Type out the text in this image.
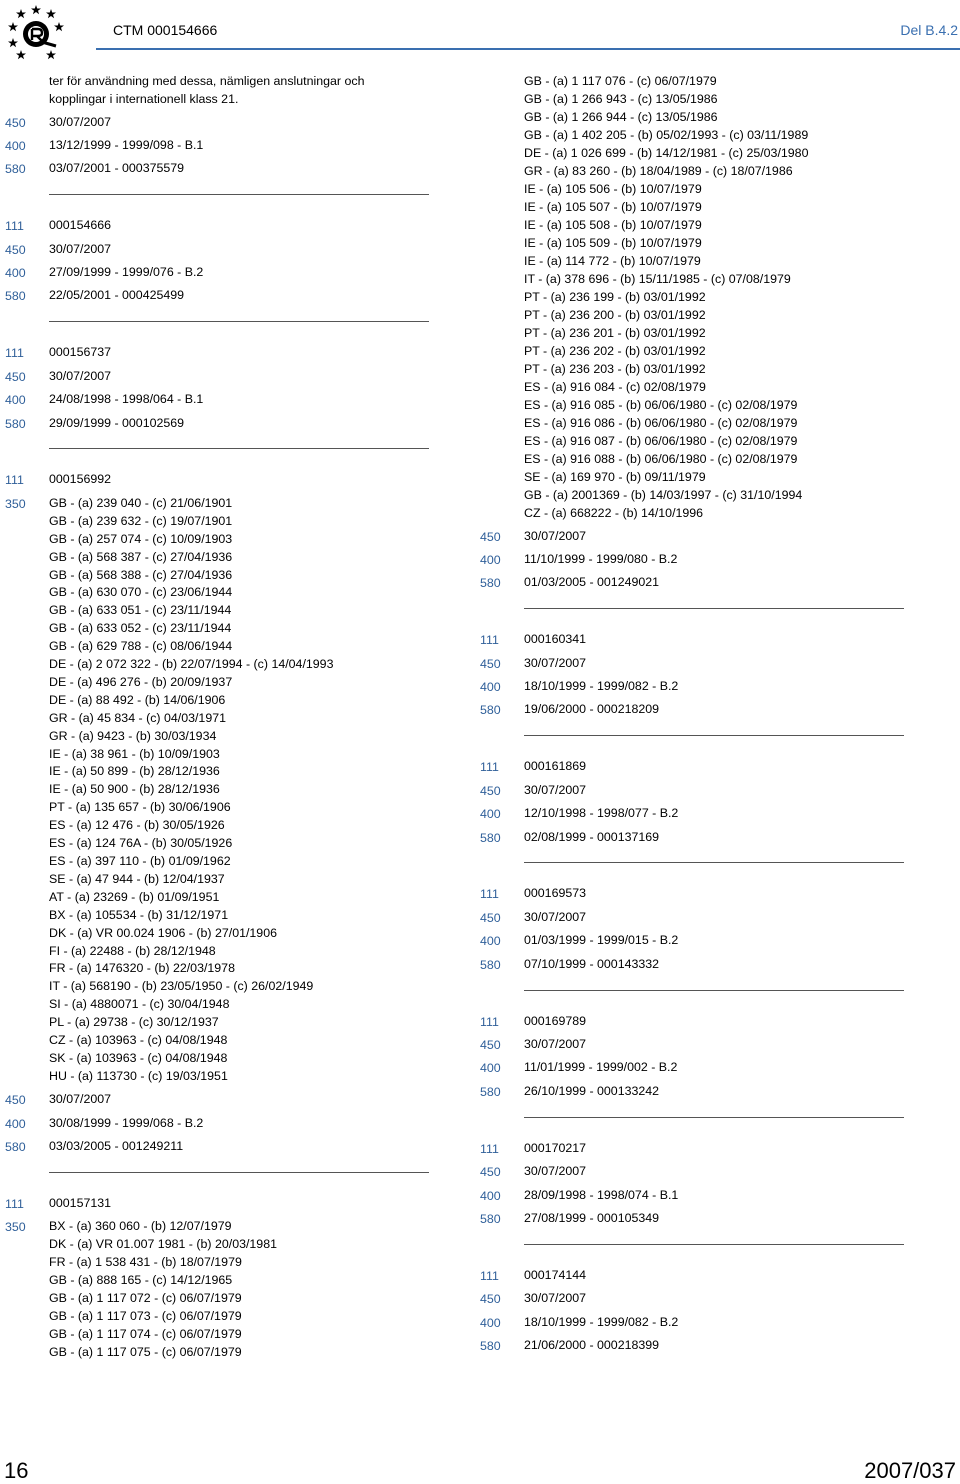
CTM 000154666	Del B.4.2
ter för användning med dessa, nämligen anslutningar och
kopplingar i internationell klass 21.
450	30/07/2007
400	13/12/1999 - 1999/098 - B.1
580	03/07/2001 - 000375579
111	000154666
450	30/07/2007
400	27/09/1999 - 1999/076 - B.2
580	22/05/2001 - 000425499
111	000156737
450	30/07/2007
400	24/08/1998 - 1998/064 - B.1
580	29/09/1999 - 000102569
111	000156992
350	GB - (a) 239 040 - (c) 21/06/1901
GB - (a) 239 632 - (c) 19/07/1901
GB - (a) 257 074 - (c) 10/09/1903
GB - (a) 568 387 - (c) 27/04/1936
GB - (a) 568 388 - (c) 27/04/1936
GB - (a) 630 070 - (c) 23/06/1944
GB - (a) 633 051 - (c) 23/11/1944
GB - (a) 633 052 - (c) 23/11/1944
GB - (a) 629 788 - (c) 08/06/1944
DE - (a) 2 072 322 - (b) 22/07/1994 - (c) 14/04/1993
DE - (a) 496 276 - (b) 20/09/1937
DE - (a) 88 492 - (b) 14/06/1906
GR - (a) 45 834 - (c) 04/03/1971
GR - (a) 9423 - (b) 30/03/1934
IE - (a) 38 961 - (b) 10/09/1903
IE - (a) 50 899 - (b) 28/12/1936
IE - (a) 50 900 - (b) 28/12/1936
PT - (a) 135 657 - (b) 30/06/1906
ES - (a) 12 476 - (b) 30/05/1926
ES - (a) 124 76A - (b) 30/05/1926
ES - (a) 397 110 - (b) 01/09/1962
SE - (a) 47 944 - (b) 12/04/1937
AT - (a) 23269 - (b) 01/09/1951
BX - (a) 105534 - (b) 31/12/1971
DK - (a) VR 00.024 1906 - (b) 27/01/1906
FI - (a) 22488 - (b) 28/12/1948
FR - (a) 1476320 - (b) 22/03/1978
IT - (a) 568190 - (b) 23/05/1950 - (c) 26/02/1949
SI - (a) 4880071 - (c) 30/04/1948
PL - (a) 29738 - (c) 30/12/1937
CZ - (a) 103963 - (c) 04/08/1948
SK - (a) 103963 - (c) 04/08/1948
HU - (a) 113730 - (c) 19/03/1951
450	30/07/2007
400	30/08/1999 - 1999/068 - B.2
580	03/03/2005 - 001249211
111	000157131
350	BX - (a) 360 060 - (b) 12/07/1979
DK - (a) VR 01.007 1981 - (b) 20/03/1981
FR - (a) 1 538 431 - (b) 18/07/1979
GB - (a) 888 165 - (c) 14/12/1965
GB - (a) 1 117 072 - (c) 06/07/1979
GB - (a) 1 117 073 - (c) 06/07/1979
GB - (a) 1 117 074 - (c) 06/07/1979
GB - (a) 1 117 075 - (c) 06/07/1979
GB - (a) 1 117 076 - (c) 06/07/1979
GB - (a) 1 266 943 - (c) 13/05/1986
GB - (a) 1 266 944 - (c) 13/05/1986
GB - (a) 1 402 205 - (b) 05/02/1993 - (c) 03/11/1989
DE - (a) 1 026 699 - (b) 14/12/1981 - (c) 25/03/1980
GR - (a) 83 260 - (b) 18/04/1989 - (c) 18/07/1986
IE - (a) 105 506 - (b) 10/07/1979
IE - (a) 105 507 - (b) 10/07/1979
IE - (a) 105 508 - (b) 10/07/1979
IE - (a) 105 509 - (b) 10/07/1979
IE - (a) 114 772 - (b) 10/07/1979
IT - (a) 378 696 - (b) 15/11/1985 - (c) 07/08/1979
PT - (a) 236 199 - (b) 03/01/1992
PT - (a) 236 200 - (b) 03/01/1992
PT - (a) 236 201 - (b) 03/01/1992
PT - (a) 236 202 - (b) 03/01/1992
PT - (a) 236 203 - (b) 03/01/1992
ES - (a) 916 084 - (c) 02/08/1979
ES - (a) 916 085 - (b) 06/06/1980 - (c) 02/08/1979
ES - (a) 916 086 - (b) 06/06/1980 - (c) 02/08/1979
ES - (a) 916 087 - (b) 06/06/1980 - (c) 02/08/1979
ES - (a) 916 088 - (b) 06/06/1980 - (c) 02/08/1979
SE - (a) 169 970 - (b) 09/11/1979
GB - (a) 2001369 - (b) 14/03/1997 - (c) 31/10/1994
CZ - (a) 668222 - (b) 14/10/1996
450	30/07/2007
400	11/10/1999 - 1999/080 - B.2
580	01/03/2005 - 001249021
111	000160341
450	30/07/2007
400	18/10/1999 - 1999/082 - B.2
580	19/06/2000 - 000218209
111	000161869
450	30/07/2007
400	12/10/1998 - 1998/077 - B.2
580	02/08/1999 - 000137169
111	000169573
450	30/07/2007
400	01/03/1999 - 1999/015 - B.2
580	07/10/1999 - 000143332
111	000169789
450	30/07/2007
400	11/01/1999 - 1999/002 - B.2
580	26/10/1999 - 000133242
111	000170217
450	30/07/2007
400	28/09/1998 - 1998/074 - B.1
580	27/08/1999 - 000105349
111	000174144
450	30/07/2007
400	18/10/1999 - 1999/082 - B.2
580	21/06/2000 - 000218399
16	2007/037
